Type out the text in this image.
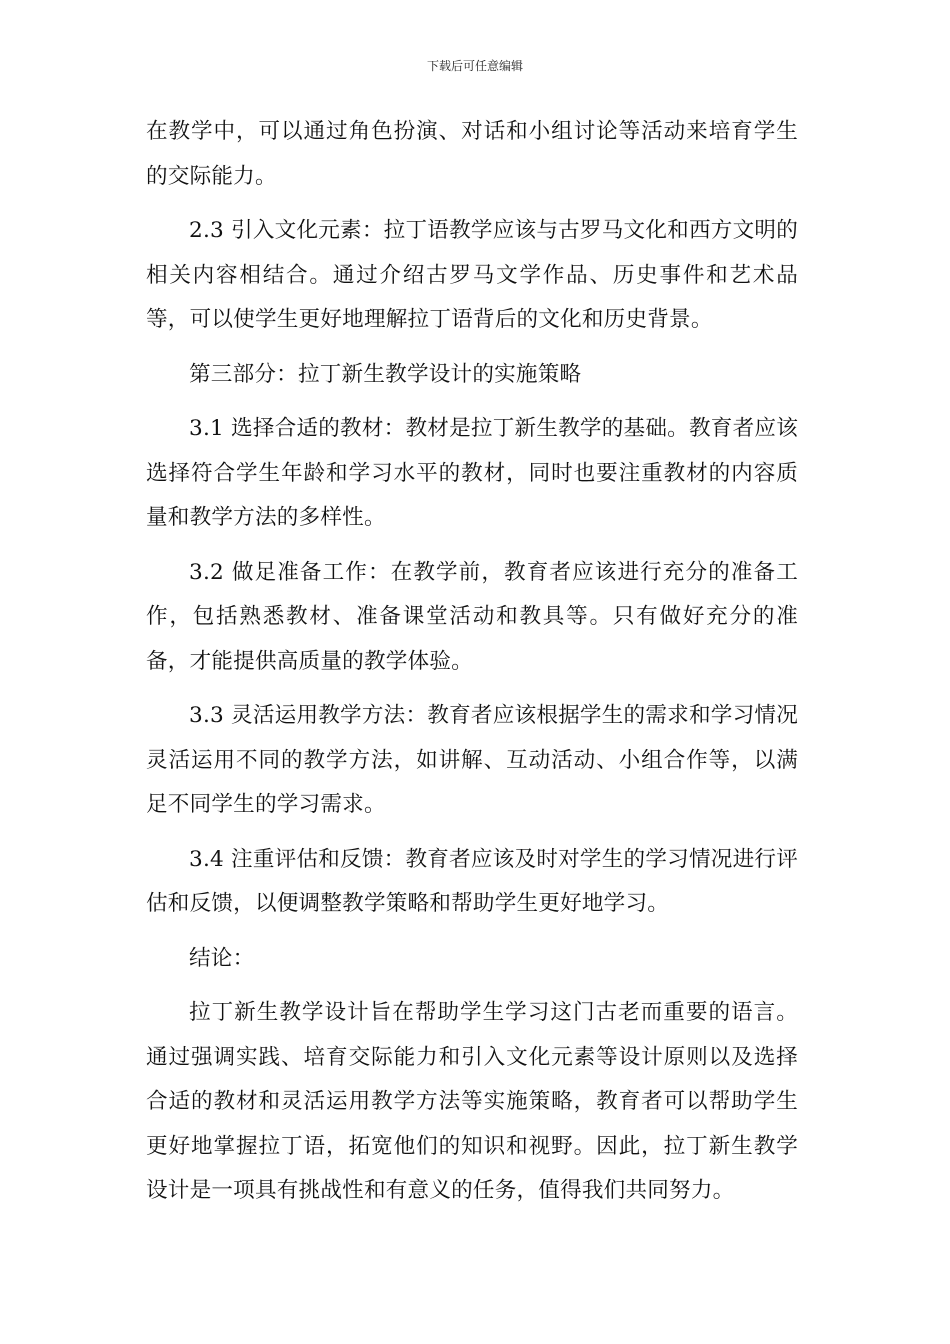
下载后可任意编辑

在教学中，可以通过角色扮演、对话和小组讨论等活动来培育学生的交际能力。

2.3 引入文化元素：拉丁语教学应该与古罗马文化和西方文明的相关内容相结合。通过介绍古罗马文学作品、历史事件和艺术品等，可以使学生更好地理解拉丁语背后的文化和历史背景。

第三部分：拉丁新生教学设计的实施策略

3.1 选择合适的教材：教材是拉丁新生教学的基础。教育者应该选择符合学生年龄和学习水平的教材，同时也要注重教材的内容质量和教学方法的多样性。

3.2 做足准备工作：在教学前，教育者应该进行充分的准备工作，包括熟悉教材、准备课堂活动和教具等。只有做好充分的准备，才能提供高质量的教学体验。

3.3 灵活运用教学方法：教育者应该根据学生的需求和学习情况灵活运用不同的教学方法，如讲解、互动活动、小组合作等，以满足不同学生的学习需求。

3.4 注重评估和反馈：教育者应该及时对学生的学习情况进行评估和反馈，以便调整教学策略和帮助学生更好地学习。

结论：

拉丁新生教学设计旨在帮助学生学习这门古老而重要的语言。通过强调实践、培育交际能力和引入文化元素等设计原则以及选择合适的教材和灵活运用教学方法等实施策略，教育者可以帮助学生更好地掌握拉丁语，拓宽他们的知识和视野。因此，拉丁新生教学设计是一项具有挑战性和有意义的任务，值得我们共同努力。
